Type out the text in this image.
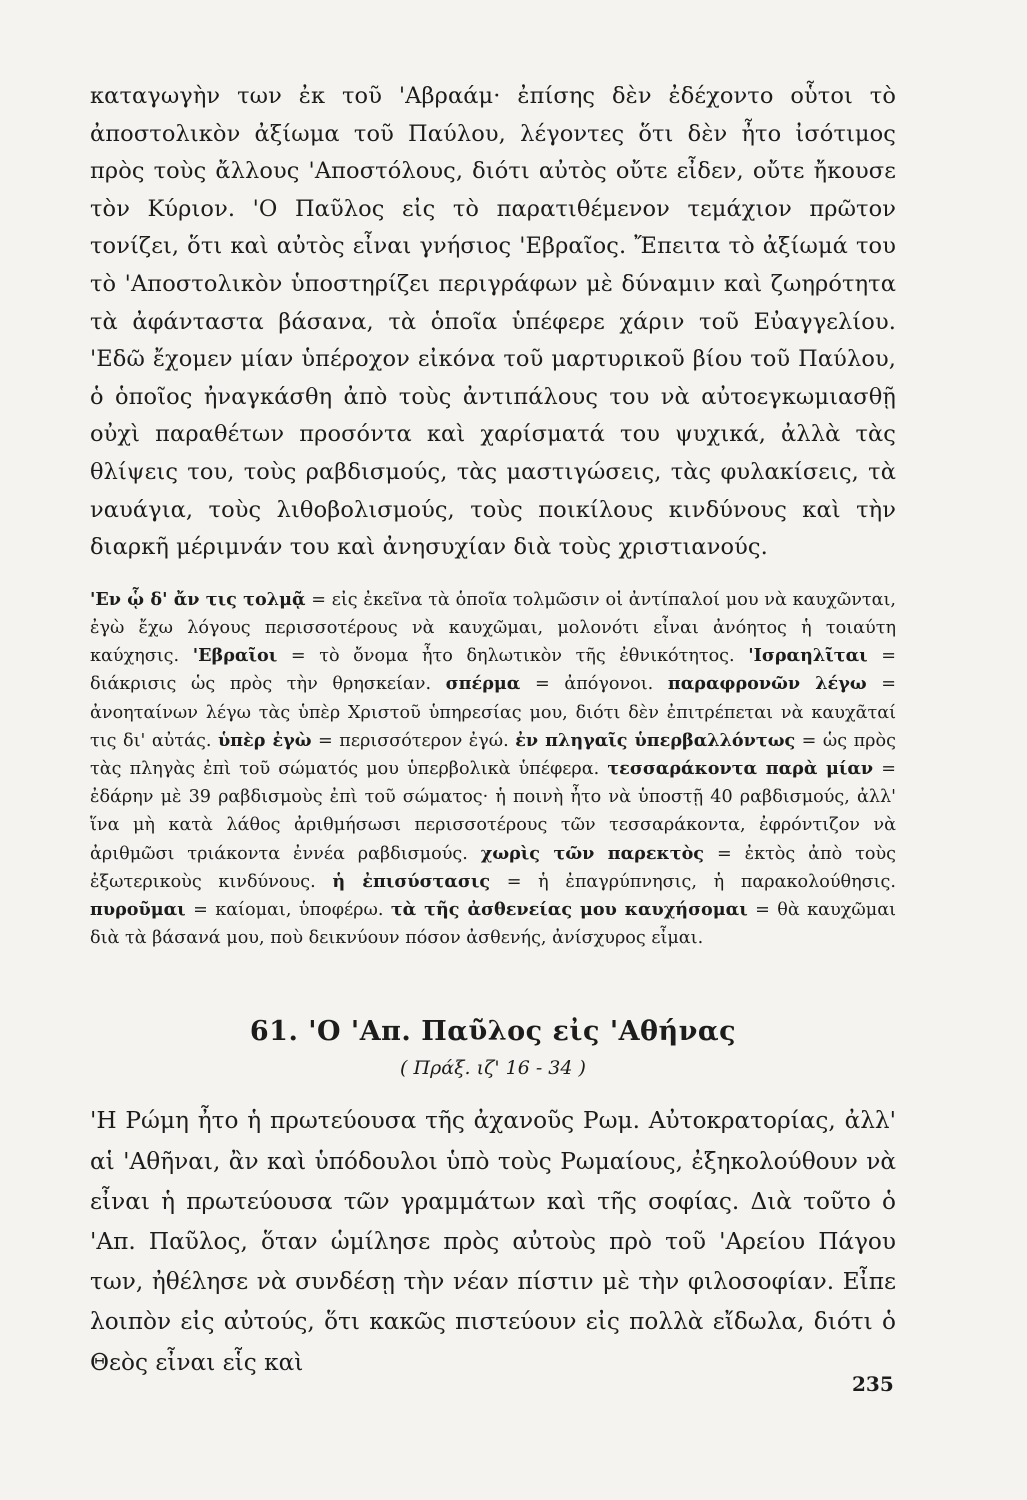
καταγωγὴν των ἐκ τοῦ 'Αβραάμ· ἐπίσης δὲν ἐδέχοντο οὗτοι τὸ ἀποστολικὸν ἀξίωμα τοῦ Παύλου, λέγοντες ὅτι δὲν ἦτο ἰσότιμος πρὸς τοὺς ἄλλους 'Αποστόλους, διότι αὐτὸς οὔτε εἶδεν, οὔτε ἤκουσε τὸν Κύριον. 'Ο Παῦλος εἰς τὸ παρατιθέμενον τεμάχιον πρῶτον τονίζει, ὅτι καὶ αὐτὸς εἶναι γνήσιος 'Εβραῖος. Ἔπειτα τὸ ἀξίωμά του τὸ 'Αποστολικὸν ὑποστηρίζει περιγράφων μὲ δύναμιν καὶ ζωηρότητα τὰ ἀφάνταστα βάσανα, τὰ ὁποῖα ὑπέφερε χάριν τοῦ Εὐαγγελίου. 'Εδῶ ἔχομεν μίαν ὑπέροχον εἰκόνα τοῦ μαρτυρικοῦ βίου τοῦ Παύλου, ὁ ὁποῖος ἠναγκάσθη ἀπὸ τοὺς ἀντιπάλους του νὰ αὐτοεγκωμιασθῇ οὐχὶ παραθέτων προσόντα καὶ χαρίσματά του ψυχικά, ἀλλὰ τὰς θλίψεις του, τοὺς ραβδισμούς, τὰς μαστιγώσεις, τὰς φυλακίσεις, τὰ ναυάγια, τοὺς λιθοβολισμούς, τοὺς ποικίλους κινδύνους καὶ τὴν διαρκῆ μέριμνάν του καὶ ἀνησυχίαν διὰ τοὺς χριστιανούς.

'Εν ᾧ δ' ἄν τις τολμᾷ = εἰς ἐκεῖνα τὰ ὁποῖα τολμῶσιν οἱ ἀντίπαλοί μου νὰ καυχῶνται, ἐγὼ ἔχω λόγους περισσοτέρους νὰ καυχῶμαι, μολονότι εἶναι ἀνόητος ἡ τοιαύτη καύχησις. 'Εβραῖοι = τὸ ὄνομα ἦτο δηλωτικὸν τῆς ἐθνικότητος. 'Ισραηλῖται = διάκρισις ὡς πρὸς τὴν θρησκείαν. σπέρμα = ἀπόγονοι. παραφρονῶν λέγω = ἀνοηταίνων λέγω τὰς ὑπὲρ Χριστοῦ ὑπηρεσίας μου, διότι δὲν ἐπιτρέπεται νὰ καυχᾶταί τις δι' αὐτάς. ὑπὲρ ἐγὼ = περισσότερον ἐγώ. ἐν πληγαῖς ὑπερβαλλόντως = ὡς πρὸς τὰς πληγὰς ἐπὶ τοῦ σώματός μου ὑπερβολικὰ ὑπέφερα. τεσσαράκοντα παρὰ μίαν = ἐδάρην μὲ 39 ραβδισμοὺς ἐπὶ τοῦ σώματος· ἡ ποινὴ ἦτο νὰ ὑποστῇ 40 ραβδισμούς, ἀλλ' ἵνα μὴ κατὰ λάθος ἀριθμήσωσι περισσοτέρους τῶν τεσσαράκοντα, ἐφρόντιζον νὰ ἀριθμῶσι τριάκοντα ἐννέα ραβδισμούς. χωρὶς τῶν παρεκτὸς = ἐκτὸς ἀπὸ τοὺς ἐξωτερικοὺς κινδύνους. ἡ ἐπισύστασις = ἡ ἐπαγρύπνησις, ἡ παρακολούθησις. πυροῦμαι = καίομαι, ὑποφέρω. τὰ τῆς ἀσθενείας μου καυχήσομαι = θὰ καυχῶμαι διὰ τὰ βάσανά μου, ποὺ δεικνύουν πόσον ἀσθενής, ἀνίσχυρος εἶμαι.
61. 'Ο 'Απ. Παῦλος εἰς 'Αθήνας
( Πράξ. ιζ' 16 - 34 )

'Η Ρώμη ἦτο ἡ πρωτεύουσα τῆς ἀχανοῦς Ρωμ. Αὐτοκρατορίας, ἀλλ' αἱ 'Αθῆναι, ἂν καὶ ὑπόδουλοι ὑπὸ τοὺς Ρωμαίους, ἐξηκολούθουν νὰ εἶναι ἡ πρωτεύουσα τῶν γραμμάτων καὶ τῆς σοφίας. Διὰ τοῦτο ὁ 'Απ. Παῦλος, ὅταν ὡμίλησε πρὸς αὐτοὺς πρὸ τοῦ 'Αρείου Πάγου των, ἠθέλησε νὰ συνδέσῃ τὴν νέαν πίστιν μὲ τὴν φιλοσοφίαν. Εἶπε λοιπὸν εἰς αὐτούς, ὅτι κακῶς πιστεύουν εἰς πολλὰ εἴδωλα, διότι ὁ Θεὸς εἶναι εἷς καὶ

235
